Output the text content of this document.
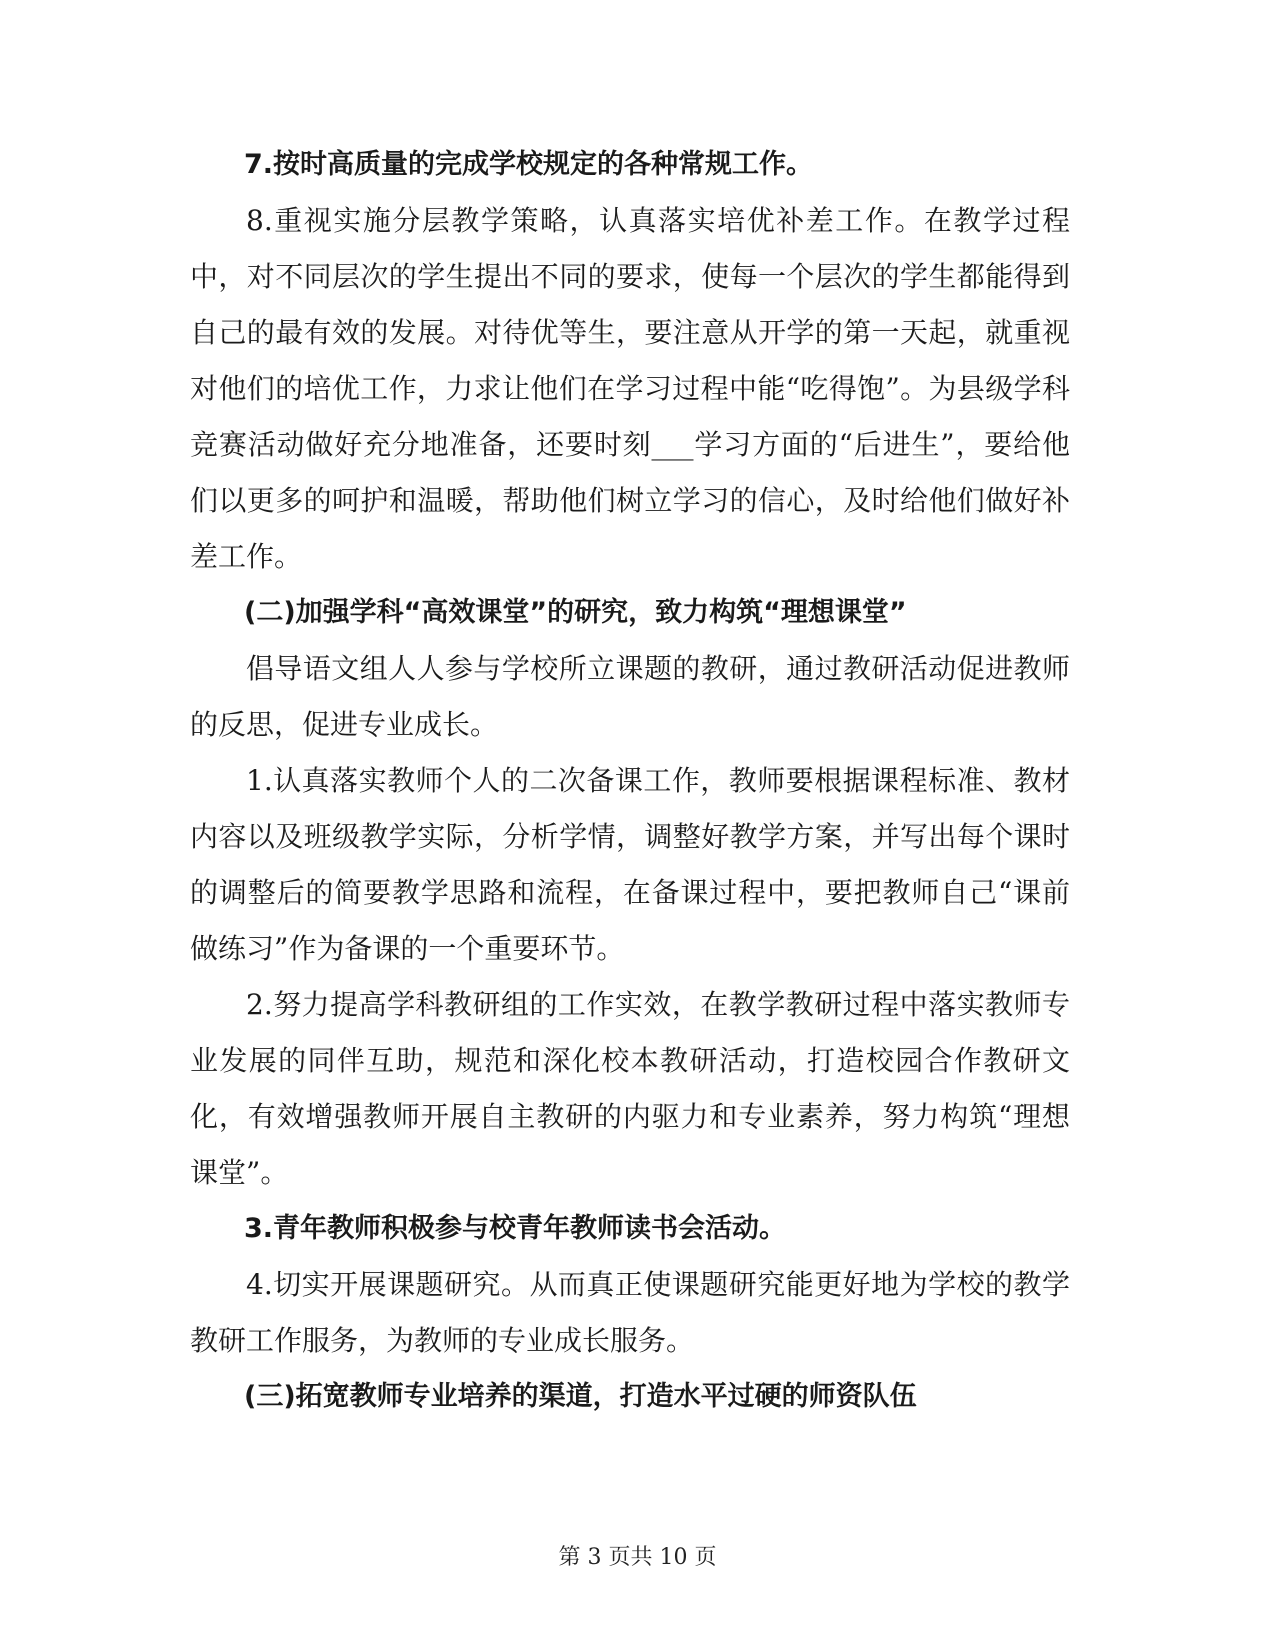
7.按时高质量的完成学校规定的各种常规工作。

8.重视实施分层教学策略，认真落实培优补差工作。在教学过程中，对不同层次的学生提出不同的要求，使每一个层次的学生都能得到自己的最有效的发展。对待优等生，要注意从开学的第一天起，就重视对他们的培优工作，力求让他们在学习过程中能“吃得饱”。为县级学科竞赛活动做好充分地准备，还要时刻___学习方面的“后进生”，要给他们以更多的呵护和温暖，帮助他们树立学习的信心，及时给他们做好补差工作。

(二)加强学科“高效课堂”的研究，致力构筑“理想课堂”

倡导语文组人人参与学校所立课题的教研，通过教研活动促进教师的反思，促进专业成长。

1.认真落实教师个人的二次备课工作，教师要根据课程标准、教材内容以及班级教学实际，分析学情，调整好教学方案，并写出每个课时的调整后的简要教学思路和流程，在备课过程中，要把教师自己“课前做练习”作为备课的一个重要环节。

2.努力提高学科教研组的工作实效，在教学教研过程中落实教师专业发展的同伴互助，规范和深化校本教研活动，打造校园合作教研文化，有效增强教师开展自主教研的内驱力和专业素养，努力构筑“理想课堂”。

3.青年教师积极参与校青年教师读书会活动。

4.切实开展课题研究。从而真正使课题研究能更好地为学校的教学教研工作服务，为教师的专业成长服务。

(三)拓宽教师专业培养的渠道，打造水平过硬的师资队伍

第 3 页共 10 页
